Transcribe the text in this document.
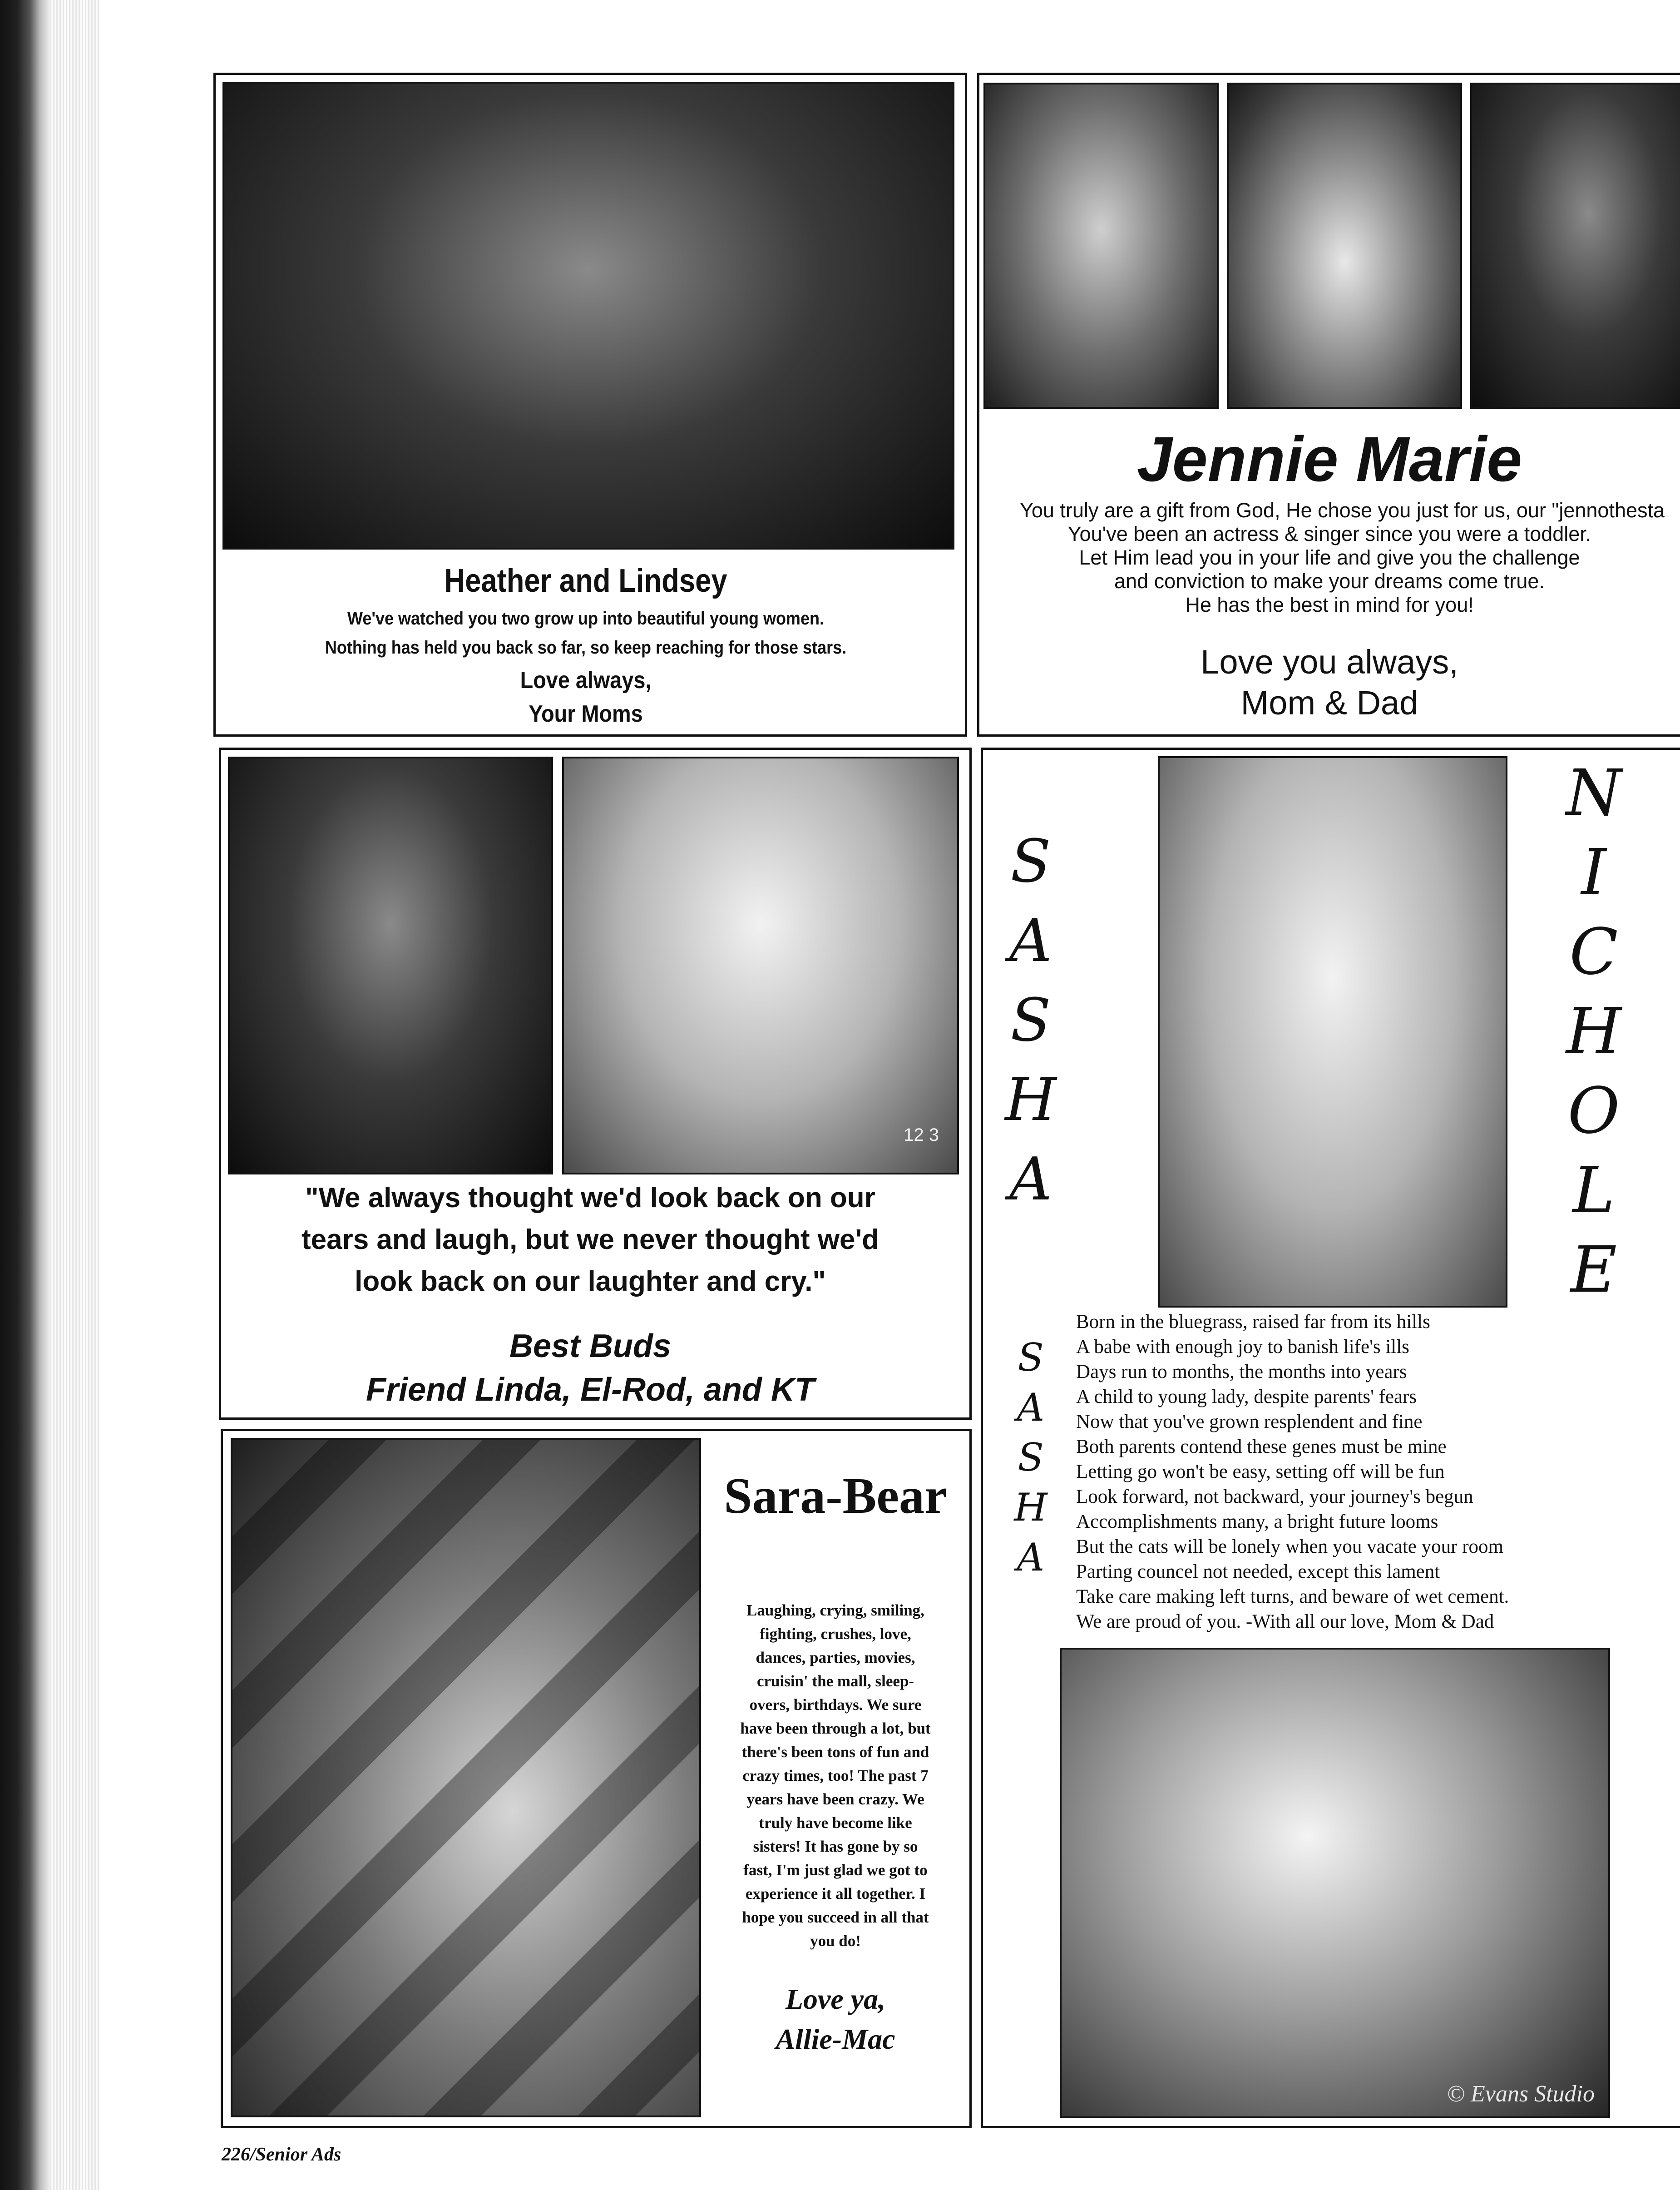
Heather and Lindsey

We've watched you two grow up into beautiful young women.

Nothing has held you back so far, so keep reaching for those stars.

Love always,

Your Moms

Jennie Marie

You truly are a gift from God, He chose you just for us, our "jennothesta

You've been an actress & singer since you were a toddler.

Let Him lead you in your life and give you the challenge

and conviction to make your dreams come true.

He has the best in mind for you!

Love you always,

Mom & Dad

12 3

"We always thought we'd look back on our

tears and laugh, but we never thought we'd

look back on our laughter and cry."

Best Buds

Friend Linda, El-Rod, and KT

Sara-Bear

Laughing, crying, smiling,

fighting, crushes, love,

dances, parties, movies,

cruisin' the mall, sleep-

overs, birthdays. We sure

have been through a lot, but

there's been tons of fun and

crazy times, too! The past 7

years have been crazy. We

truly have become like

sisters! It has gone by so

fast, I'm just glad we got to

experience it all together. I

hope you succeed in all that

you do!

Love ya,

Allie-Mac

© Evans Studio
S
A
S
H
A
N
I
C
H
O
L
E
S
A
S
H
A
Born in the bluegrass, raised far from its hills
A babe with enough joy to banish life's ills
Days run to months, the months into years
A child to young lady, despite parents' fears
Now that you've grown resplendent and fine
Both parents contend these genes must be mine
Letting go won't be easy, setting off will be fun
Look forward, not backward, your journey's begun
Accomplishments many, a bright future looms
But the cats will be lonely when you vacate your room
Parting councel not needed, except this lament
Take care making left turns, and beware of wet cement.
We are proud of you. -With all our love, Mom & Dad
226/Senior Ads
